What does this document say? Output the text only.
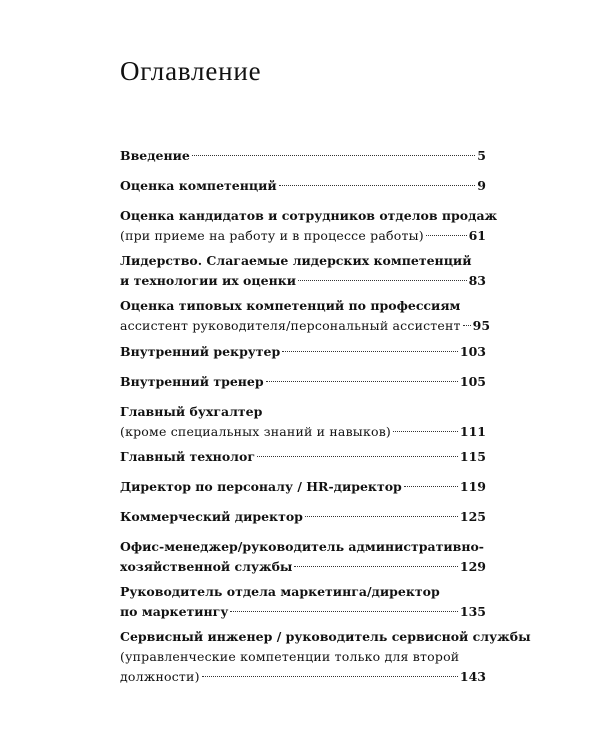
Оглавление
Введение	5
Оценка компетенций	9
Оценка кандидатов и сотрудников отделов продаж
(при приеме на работу и в процессе работы)	61
Лидерство. Слагаемые лидерских компетенций
и технологии их оценки	83
Оценка типовых компетенций по профессиям
ассистент руководителя/персональный ассистент 95
Внутренний рекрутер	103
Внутренний тренер	105
Главный бухгалтер
(кроме специальных знаний и навыков)	111
Главный технолог	115
Директор по персоналу / HR-директор	119
Коммерческий директор	125
Офис-менеджер/руководитель административно-
хозяйственной службы	129
Руководитель отдела маркетинга/директор
по маркетингу	135
Сервисный инженер / руководитель сервисной службы
(управленческие компетенции только для второй
должности)	143
